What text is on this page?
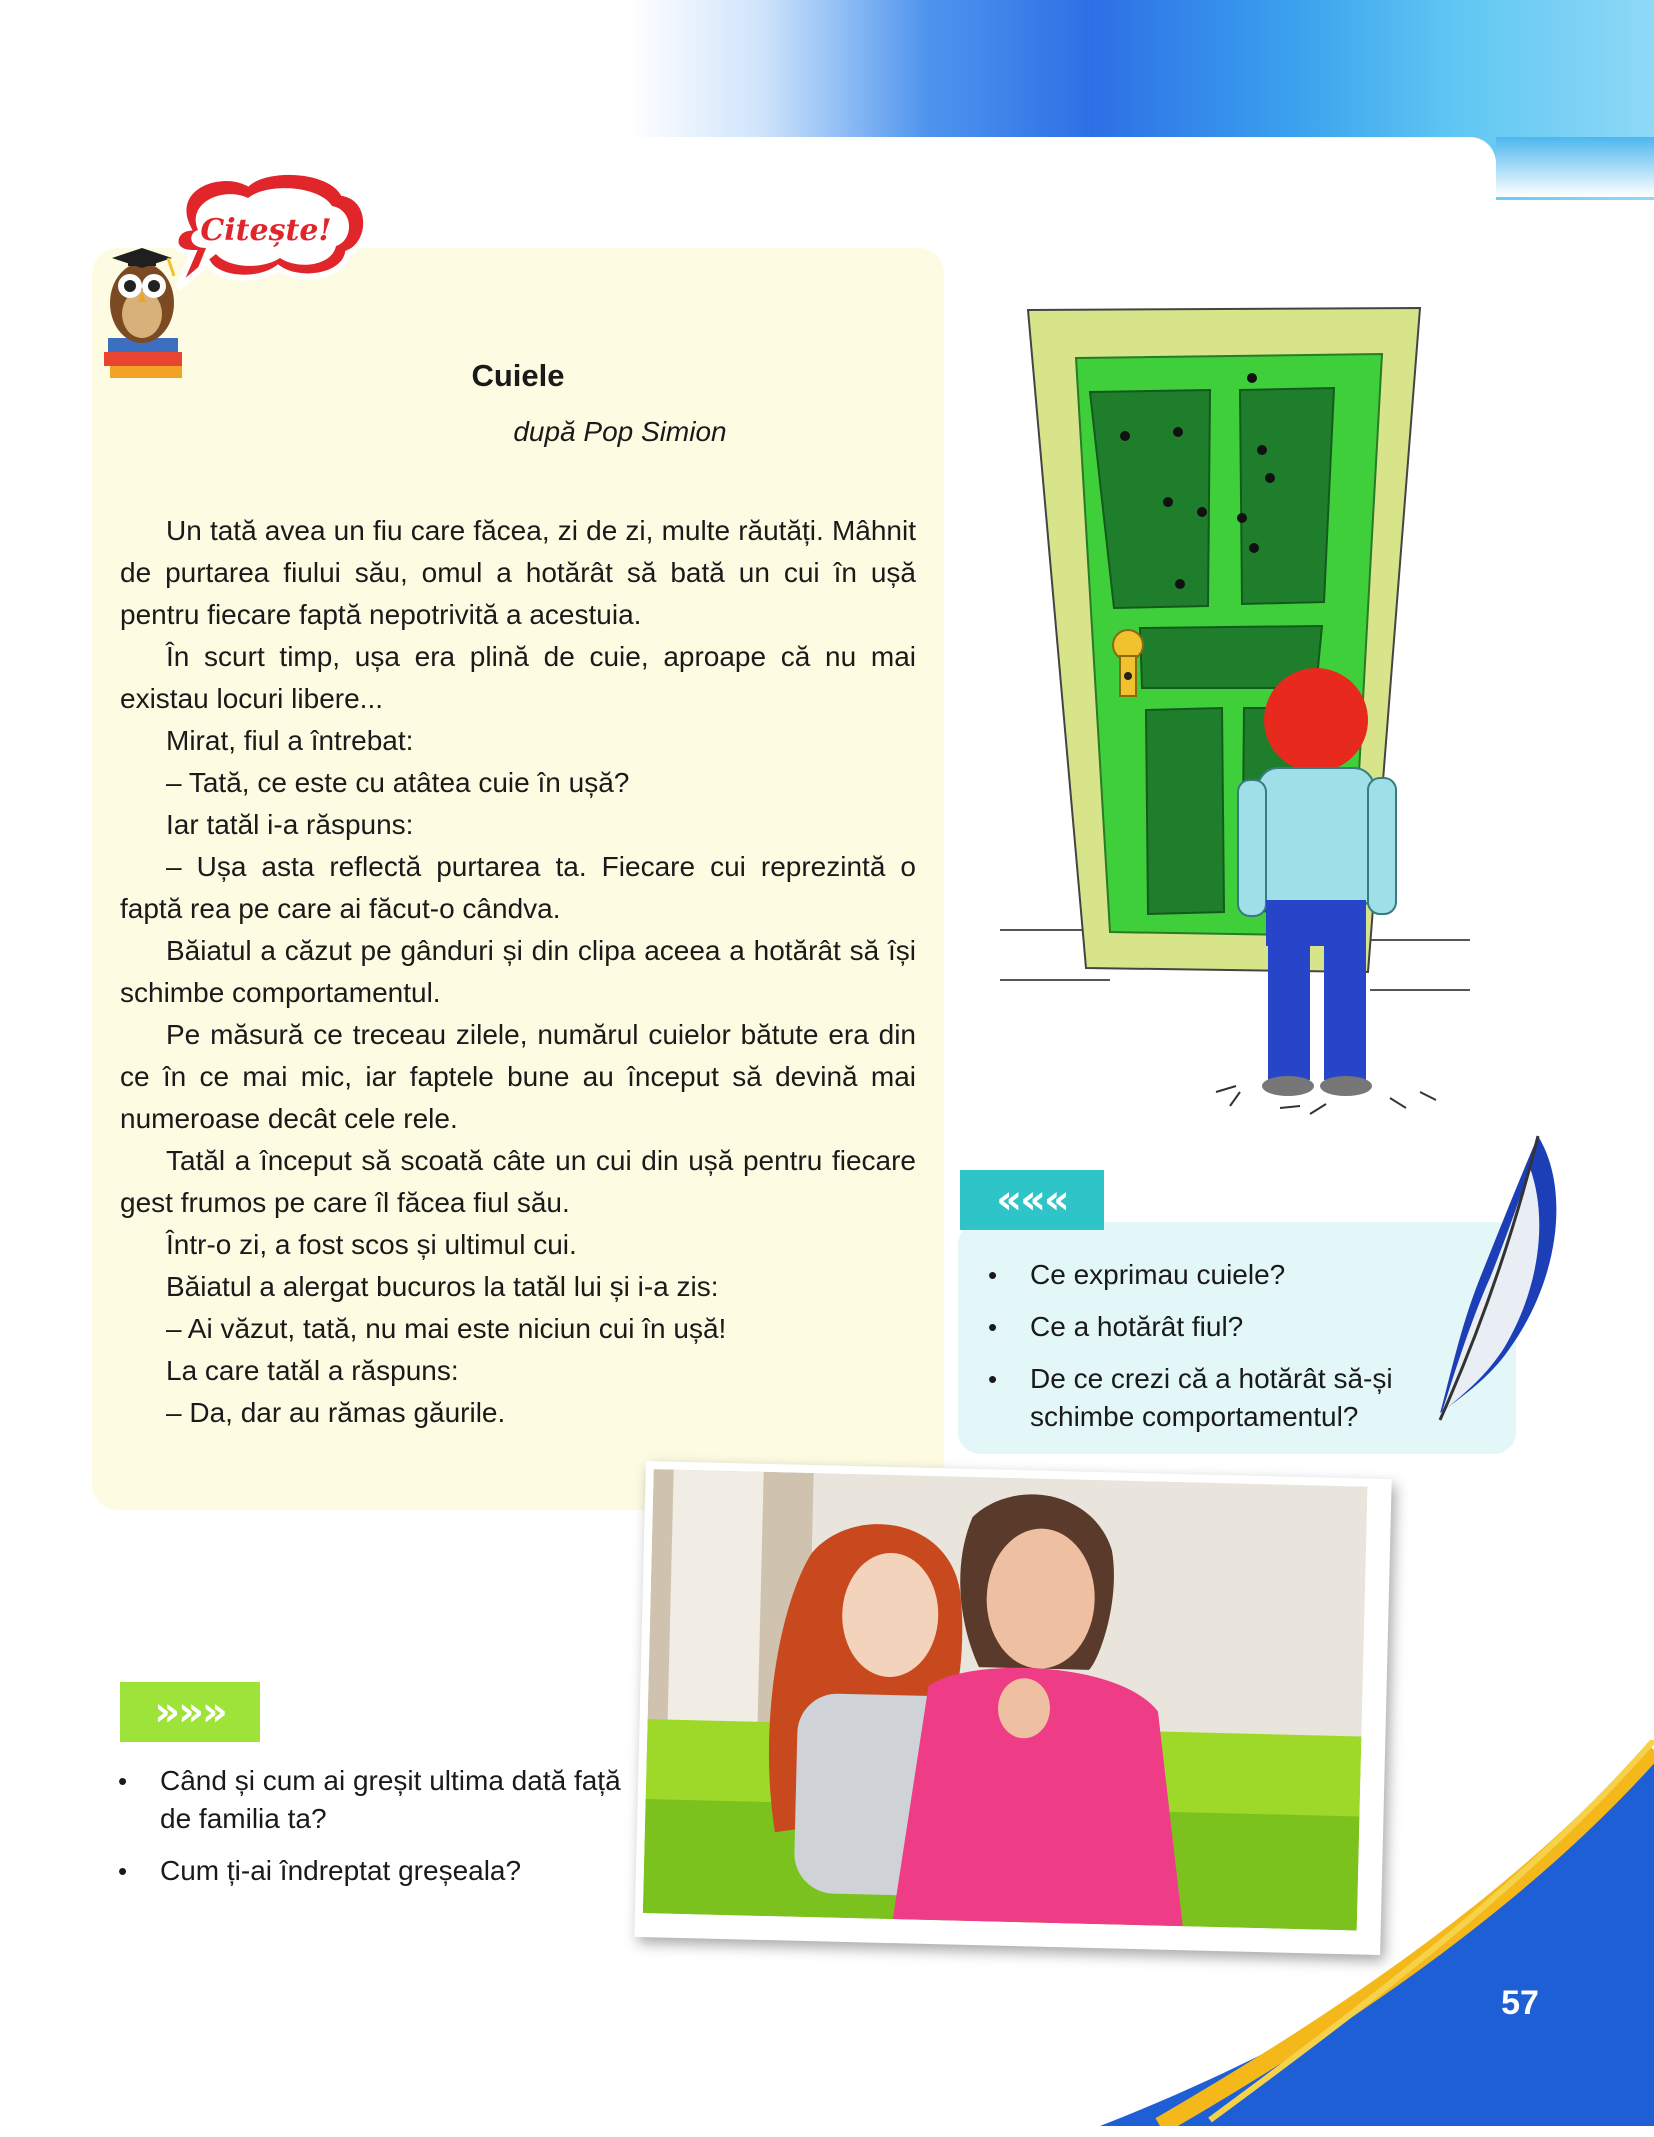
Citește!
Cuiele
după Pop Simion

Un tată avea un fiu care făcea, zi de zi, multe răutăți. Mâhnit de purtarea fiului său, omul a hotărât să bată un cui în ușă pentru fiecare faptă nepotrivită a acestuia.

În scurt timp, ușa era plină de cuie, aproape că nu mai existau locuri libere...

Mirat, fiul a întrebat:

– Tată, ce este cu atâtea cuie în ușă?

Iar tatăl i-a răspuns:

– Ușa asta reflectă purtarea ta. Fiecare cui reprezintă o faptă rea pe care ai făcut-o cândva.

Băiatul a căzut pe gânduri și din clipa aceea a hotărât să își schimbe comportamentul.

Pe măsură ce treceau zilele, numărul cuielor bătute era din ce în ce mai mic, iar faptele bune au început să devină mai numeroase decât cele rele.

Tatăl a început să scoată câte un cui din ușă pentru fiecare gest frumos pe care îl făcea fiul său.

Într-o zi, a fost scos și ultimul cui.

Băiatul a alergat bucuros la tatăl lui și i-a zis:

– Ai văzut, tată, nu mai este niciun cui în ușă!

La care tatăl a răspuns:

– Da, dar au rămas găurile.

«««
• Ce exprimau cuiele?
• Ce a hotărât fiul?
• De ce crezi că a hotărât să-și schimbe comportamentul?
»»»
• Când și cum ai greșit ultima dată față de familia ta?
• Cum ți-ai îndreptat greșeala?
57
